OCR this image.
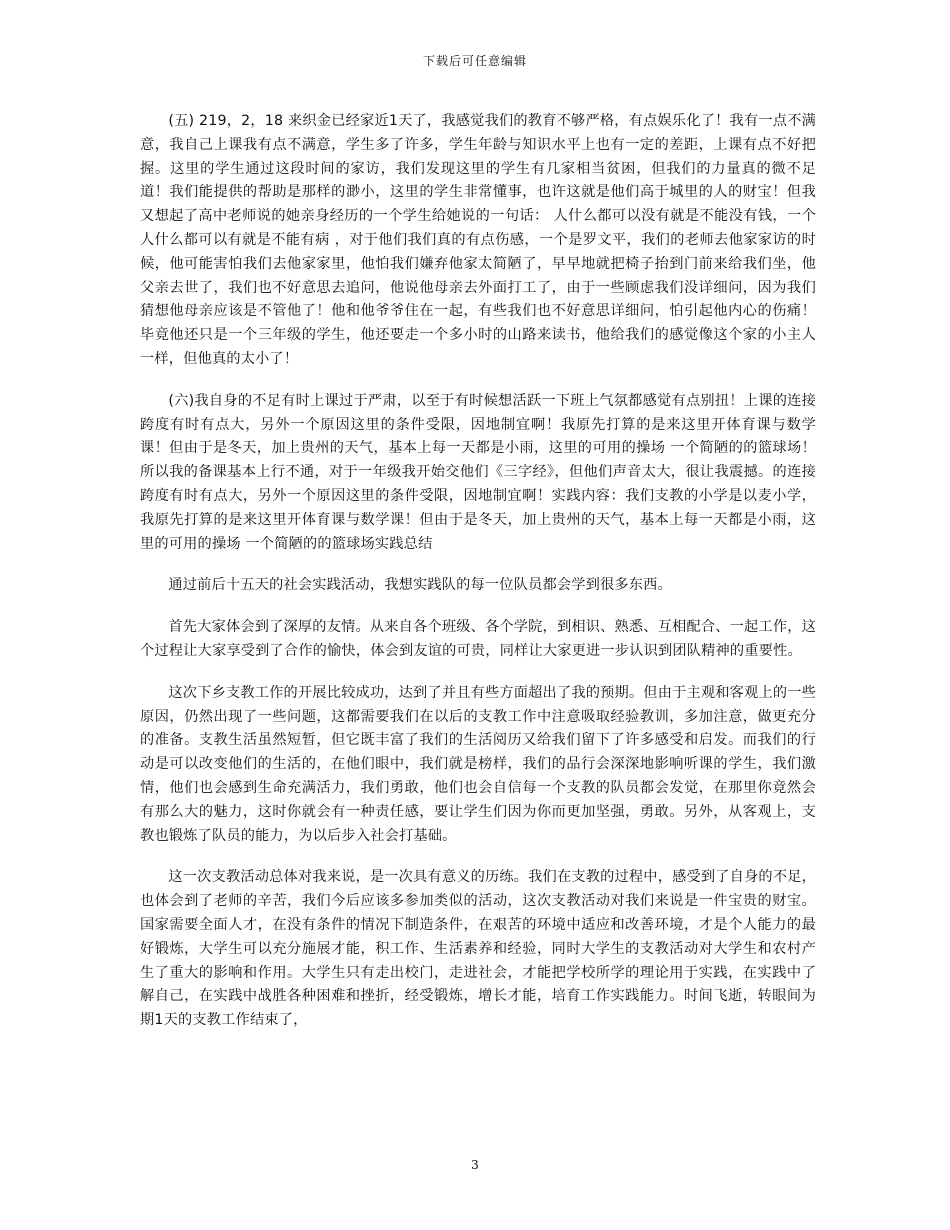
下载后可任意编辑

(五) 219，2，18 来织金已经家近1天了，我感觉我们的教育不够严格，有点娱乐化了！我有一点不满意，我自己上课我有点不满意，学生多了许多，学生年龄与知识水平上也有一定的差距，上课有点不好把握。这里的学生通过这段时间的家访，我们发现这里的学生有几家相当贫困，但我们的力量真的微不足道！我们能提供的帮助是那样的渺小，这里的学生非常懂事，也许这就是他们高于城里的人的财宝！但我又想起了高中老师说的她亲身经历的一个学生给她说的一句话： 人什么都可以没有就是不能没有钱，一个人什么都可以有就是不能有病 ，对于他们我们真的有点伤感，一个是罗文平，我们的老师去他家家访的时候，他可能害怕我们去他家家里，他怕我们嫌弃他家太简陋了，早早地就把椅子抬到门前来给我们坐，他父亲去世了，我们也不好意思去追问，他说他母亲去外面打工了，由于一些顾虑我们没详细问，因为我们猜想他母亲应该是不管他了！他和他爷爷住在一起，有些我们也不好意思详细问，怕引起他内心的伤痛！毕竟他还只是一个三年级的学生，他还要走一个多小时的山路来读书，他给我们的感觉像这个家的小主人一样，但他真的太小了！

(六)我自身的不足有时上课过于严肃，以至于有时候想活跃一下班上气氛都感觉有点别扭！上课的连接跨度有时有点大，另外一个原因这里的条件受限，因地制宜啊！我原先打算的是来这里开体育课与数学课！但由于是冬天，加上贵州的天气，基本上每一天都是小雨，这里的可用的操场 一个简陋的的篮球场！所以我的备课基本上行不通，对于一年级我开始交他们《三字经》，但他们声音太大，很让我震撼。的连接跨度有时有点大，另外一个原因这里的条件受限，因地制宜啊！实践内容：我们支教的小学是以麦小学，我原先打算的是来这里开体育课与数学课！但由于是冬天，加上贵州的天气，基本上每一天都是小雨，这里的可用的操场 一个简陋的的篮球场实践总结

通过前后十五天的社会实践活动，我想实践队的每一位队员都会学到很多东西。

首先大家体会到了深厚的友情。从来自各个班级、各个学院，到相识、熟悉、互相配合、一起工作，这个过程让大家享受到了合作的愉快，体会到友谊的可贵，同样让大家更进一步认识到团队精神的重要性。

这次下乡支教工作的开展比较成功，达到了并且有些方面超出了我的预期。但由于主观和客观上的一些原因，仍然出现了一些问题，这都需要我们在以后的支教工作中注意吸取经验教训，多加注意，做更充分的准备。支教生活虽然短暂，但它既丰富了我们的生活阅历又给我们留下了许多感受和启发。而我们的行动是可以改变他们的生活的，在他们眼中，我们就是榜样，我们的品行会深深地影响听课的学生，我们激情，他们也会感到生命充满活力，我们勇敢，他们也会自信每一个支教的队员都会发觉，在那里你竟然会有那么大的魅力，这时你就会有一种责任感，要让学生们因为你而更加坚强，勇敢。另外，从客观上，支教也锻炼了队员的能力，为以后步入社会打基础。

这一次支教活动总体对我来说，是一次具有意义的历练。我们在支教的过程中，感受到了自身的不足，也体会到了老师的辛苦，我们今后应该多参加类似的活动，这次支教活动对我们来说是一件宝贵的财宝。国家需要全面人才，在没有条件的情况下制造条件，在艰苦的环境中适应和改善环境，才是个人能力的最好锻炼，大学生可以充分施展才能，积工作、生活素养和经验，同时大学生的支教活动对大学生和农村产生了重大的影响和作用。大学生只有走出校门，走进社会，才能把学校所学的理论用于实践，在实践中了解自己，在实践中战胜各种困难和挫折，经受锻炼，增长才能，培育工作实践能力。时间飞逝，转眼间为期1天的支教工作结束了，

3
